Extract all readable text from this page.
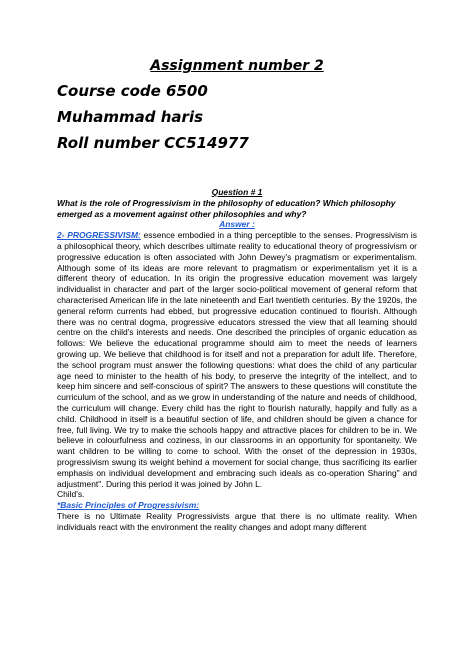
Assignment number 2
Course code 6500
Muhammad haris
Roll number CC514977
Question # 1
What is the role of Progressivism in the philosophy of education? Which philosophy emerged as a movement against other philosophies and why?
Answer :
2- PROGRESSIVISM: essence embodied in a thing perceptible to the senses. Progressivism is a philosophical theory, which describes ultimate reality to educational theory of progressivism or progressive education is often associated with John Dewey's pragmatism or experimentalism. Although some of its ideas are more relevant to pragmatism or experimentalism yet it is a different theory of education. In its origin the progressive education movement was largely individualist in character and part of the larger socio-political movement of general reform that characterised American life in the late nineteenth and Earl twentieth centuries. By the 1920s, the general reform currents had ebbed, but progressive education continued to flourish. Although there was no central dogma, progressive educators stressed the view that all learning should centre on the child's interests and needs. One described the principles of organic education as follows: We believe the educational programme should aim to meet the needs of learners growing up. We believe that childhood is for itself and not a preparation for adult life. Therefore, the school program must answer the following questions: what does the child of any particular age need to minister to the health of his body, to preserve the integrity of the intellect, and to keep him sincere and self-conscious of spirit? The answers to these questions will constitute the curriculum of the school, and as we grow in understanding of the nature and needs of childhood, the curriculum will change. Every child has the right to flourish naturally, happily and fully as a child. Childhood in itself is a beautiful section of life, and children should be given a chance for free, full living. We try to make the schools happy and attractive places for children to be in. We believe in colourfulness and coziness, in our classrooms in an opportunity for spontaneity. We want children to be willing to come to school. With the onset of the depression in 1930s, progressivism swung its weight behind a movement for social change, thus sacrificing its earlier emphasis on individual development and embracing such ideals as co-operation Sharing" and adjustment". During this period it was joined by John L.
Child's.
*Basic Principles of Progressivism:
There is no Ultimate Reality Progressivists argue that there is no ultimate reality. When individuals react with the environment the reality changes and adopt many different
